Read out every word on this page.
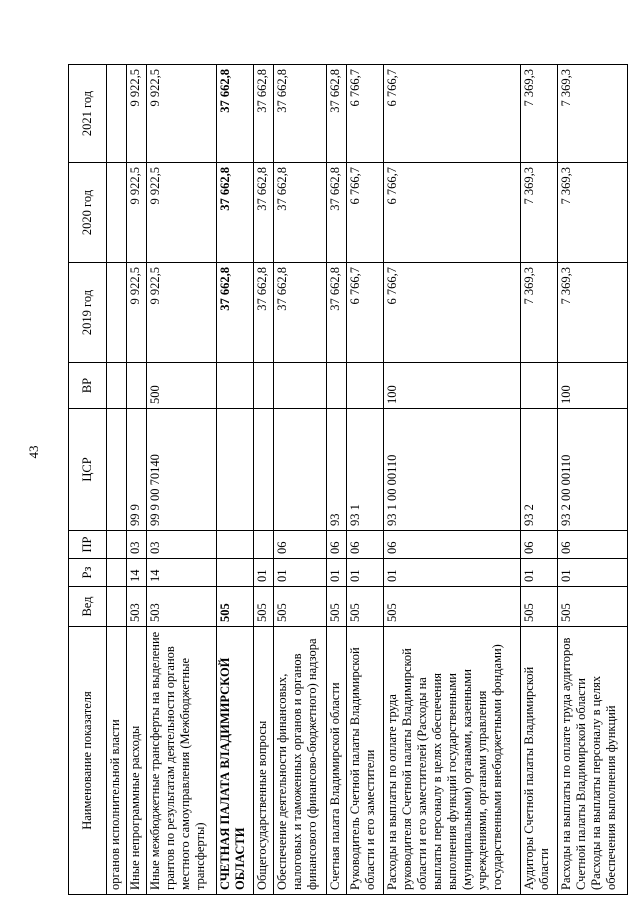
43
Наименование показателя	Вед	Рз	ПР	ЦСР	ВР	2019 год	2020 год	2021 год
органов исполнительной власти								
Иные непрограммные расходы	503	14	03	99 9		9 922,5	9 922,5	9 922,5
Иные межбюджетные трансферты на выделение грантов по результатам деятельности органов местного самоуправления (Межбюджетные трансферты)	503	14	03	99 9 00 70140	500	9 922,5	9 922,5	9 922,5
СЧЕТНАЯ ПАЛАТА ВЛАДИМИРСКОЙ ОБЛАСТИ	505					37 662,8	37 662,8	37 662,8
Общегосударственные вопросы	505	01				37 662,8	37 662,8	37 662,8
Обеспечение деятельности финансовых, налоговых и таможенных органов и органов финансового (финансово-бюджетного) надзора	505	01	06			37 662,8	37 662,8	37 662,8
Счетная палата Владимирской области	505	01	06	93		37 662,8	37 662,8	37 662,8
Руководитель Счетной палаты Владимирской области и его заместители	505	01	06	93 1		6 766,7	6 766,7	6 766,7
Расходы на выплаты по оплате труда руководителя Счетной палаты Владимирской области и его заместителей (Расходы на выплаты персоналу в целях обеспечения выполнения функций государственными (муниципальными) органами, казенными учреждениями, органами управления государственными внебюджетными фондами)	505	01	06	93 1 00 00110	100	6 766,7	6 766,7	6 766,7
Аудиторы Счетной палаты Владимирской области	505	01	06	93 2		7 369,3	7 369,3	7 369,3
Расходы на выплаты по оплате труда аудиторов Счетной палаты Владимирской области (Расходы на выплаты персоналу в целях обеспечения выполнения функций	505	01	06	93 2 00 00110	100	7 369,3	7 369,3	7 369,3
